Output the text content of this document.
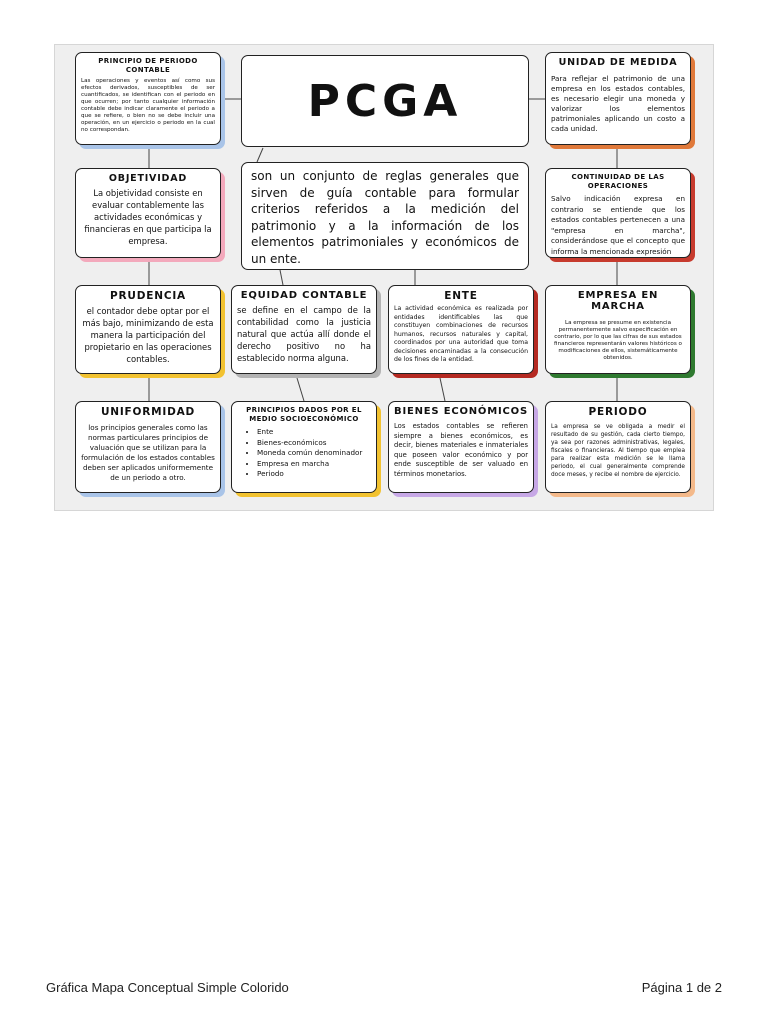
PCGA
son un conjunto de reglas generales que sirven de guía contable para formular criterios referidos a la medición del patrimonio y a la información de los elementos patrimoniales y económicos de un ente.
PRINCIPIO DE PERIODO CONTABLE

Las operaciones y eventos así como sus efectos derivados, susceptibles de ser cuantificados, se identifican con el periodo en que ocurren; por tanto cualquier información contable debe indicar claramente el periodo a que se refiere, o bien no se debe incluir una operación, en un ejercicio o periodo en la cual no correspondan.

UNIDAD DE MEDIDA

Para reflejar el patrimonio de una empresa en los estados contables, es necesario elegir una moneda y valorizar los elementos patrimoniales aplicando un costo a cada unidad.

OBJETIVIDAD

La objetividad consiste en evaluar contablemente las actividades económicas y financieras en que participa la empresa.

CONTINUIDAD DE LAS OPERACIONES

Salvo indicación expresa en contrario se entiende que los estados contables pertenecen a una "empresa en marcha", considerándose que el concepto que informa la mencionada expresión

PRUDENCIA

el contador debe optar por el más bajo, minimizando de esta manera la participación del propietario en las operaciones contables.

EQUIDAD CONTABLE

se define en el campo de la contabilidad como la justicia natural que actúa allí donde el derecho positivo no ha establecido norma alguna.

ENTE

La actividad económica es realizada por entidades identificables las que constituyen combinaciones de recursos humanos, recursos naturales y capital, coordinados por una autoridad que toma decisiones encaminadas a la consecución de los fines de la entidad.

EMPRESA EN MARCHA

La empresa se presume en existencia permanentemente salvo especificación en contrario, por lo que las cifras de sus estados financieros representarán valores históricos o modificaciones de ellos, sistemáticamente obtenidos.

UNIFORMIDAD

los principios generales como las normas particulares principios de valuación que se utilizan para la formulación de los estados contables deben ser aplicados uniformemente de un periodo a otro.

PRINCIPIOS DADOS POR EL MEDIO SOCIOECONÓMICO
• Ente
• Bienes-económicos
• Moneda común denominador
• Empresa en marcha
• Periodo
BIENES ECONÓMICOS

Los estados contables se refieren siempre a bienes económicos, es decir, bienes materiales e inmateriales que poseen valor económico y por ende susceptible de ser valuado en términos monetarios.

PERIODO

La empresa se ve obligada a medir el resultado de su gestión, cada cierto tiempo, ya sea por razones administrativas, legales, fiscales o financieras. Al tiempo que emplea para realizar esta medición se le llama periodo, el cual generalmente comprende doce meses, y recibe el nombre de ejercicio.

Gráfica Mapa Conceptual Simple Colorido	Página 1 de 2
